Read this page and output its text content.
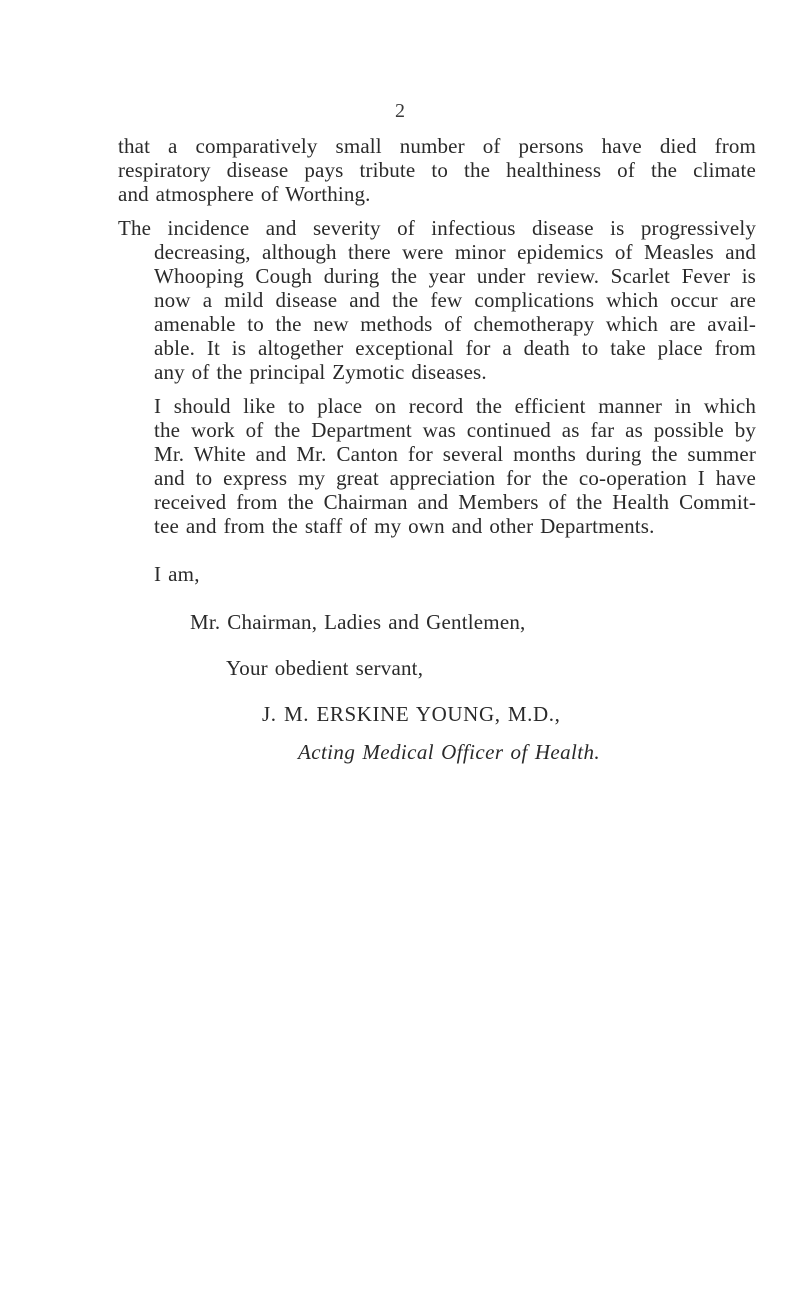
2

that a comparatively small number of persons have died from
respiratory disease pays tribute to the healthiness of the climate
and atmosphere of Worthing.

The incidence and severity of infectious disease is progressively
decreasing, although there were minor epidemics of Measles and
Whooping Cough during the year under review. Scarlet Fever is
now a mild disease and the few complications which occur are
amenable to the new methods of chemotherapy which are avail-
able. It is altogether exceptional for a death to take place from
any of the principal Zymotic diseases.

I should like to place on record the efficient manner in which
the work of the Department was continued as far as possible by
Mr. White and Mr. Canton for several months during the summer
and to express my great appreciation for the co-operation I have
received from the Chairman and Members of the Health Commit-
tee and from the staff of my own and other Departments.

I am,
Mr. Chairman, Ladies and Gentlemen,
Your obedient servant,
J. M. ERSKINE YOUNG, M.D.,
Acting Medical Officer of Health.
